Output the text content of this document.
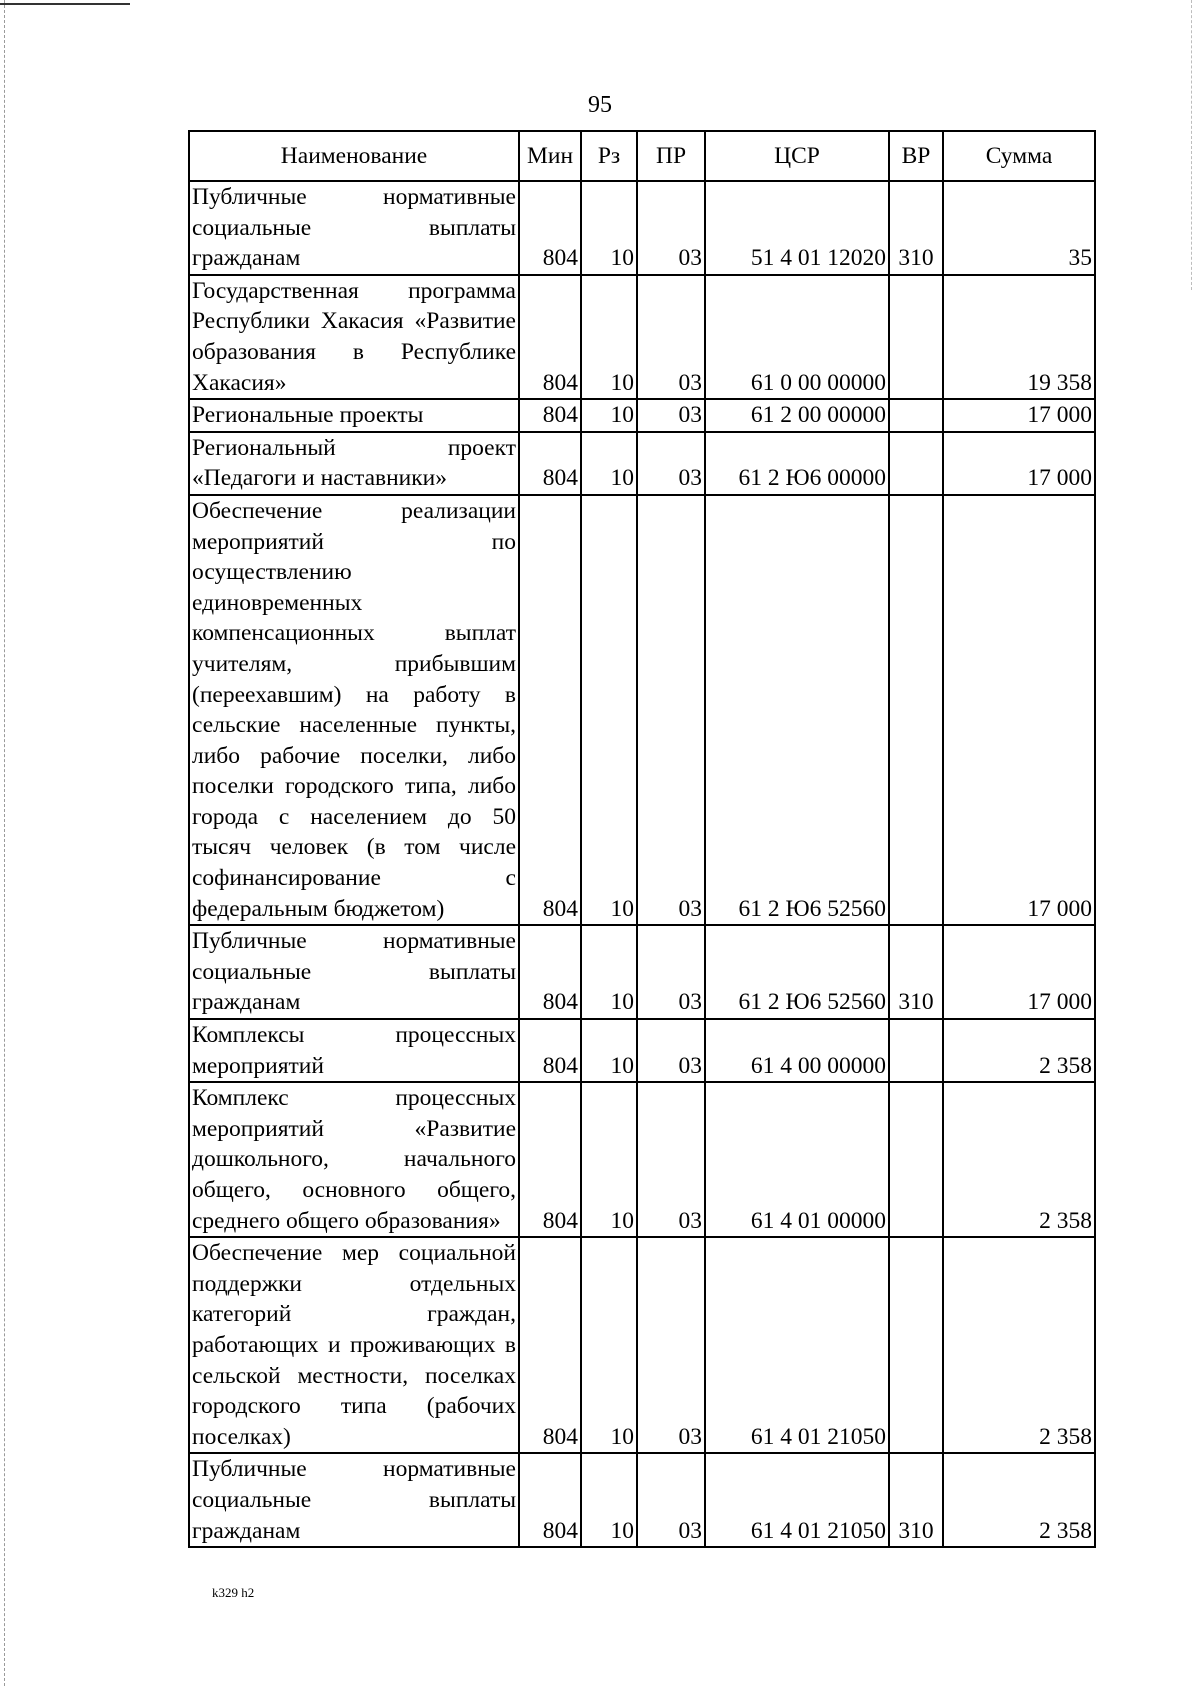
95
Наименование	Мин	Рз	ПР	ЦСР	ВР	Сумма
Публичные нормативные социальные выплаты гражданам	804	10	03	51 4 01 12020	310	35
Государственная программа Республики Хакасия «Развитие образования в Республике Хакасия»	804	10	03	61 0 00 00000		19 358
Региональные проекты	804	10	03	61 2 00 00000		17 000
Региональный проект «Педагоги и наставники»	804	10	03	61 2 Ю6 00000		17 000
Обеспечение реализации мероприятий по осуществлению единовременных компенсационных выплат учителям, прибывшим (переехавшим) на работу в сельские населенные пункты, либо рабочие поселки, либо поселки городского типа, либо города с населением до 50 тысяч человек (в том числе софинансирование с федеральным бюджетом)	804	10	03	61 2 Ю6 52560		17 000
Публичные нормативные социальные выплаты гражданам	804	10	03	61 2 Ю6 52560	310	17 000
Комплексы процессных мероприятий	804	10	03	61 4 00 00000		2 358
Комплекс процессных мероприятий «Развитие дошкольного, начального общего, основного общего, среднего общего образования»	804	10	03	61 4 01 00000		2 358
Обеспечение мер социальной поддержки отдельных категорий граждан, работающих и проживающих в сельской местности, поселках городского типа (рабочих поселках)	804	10	03	61 4 01 21050		2 358
Публичные нормативные социальные выплаты гражданам	804	10	03	61 4 01 21050	310	2 358
k329 h2
